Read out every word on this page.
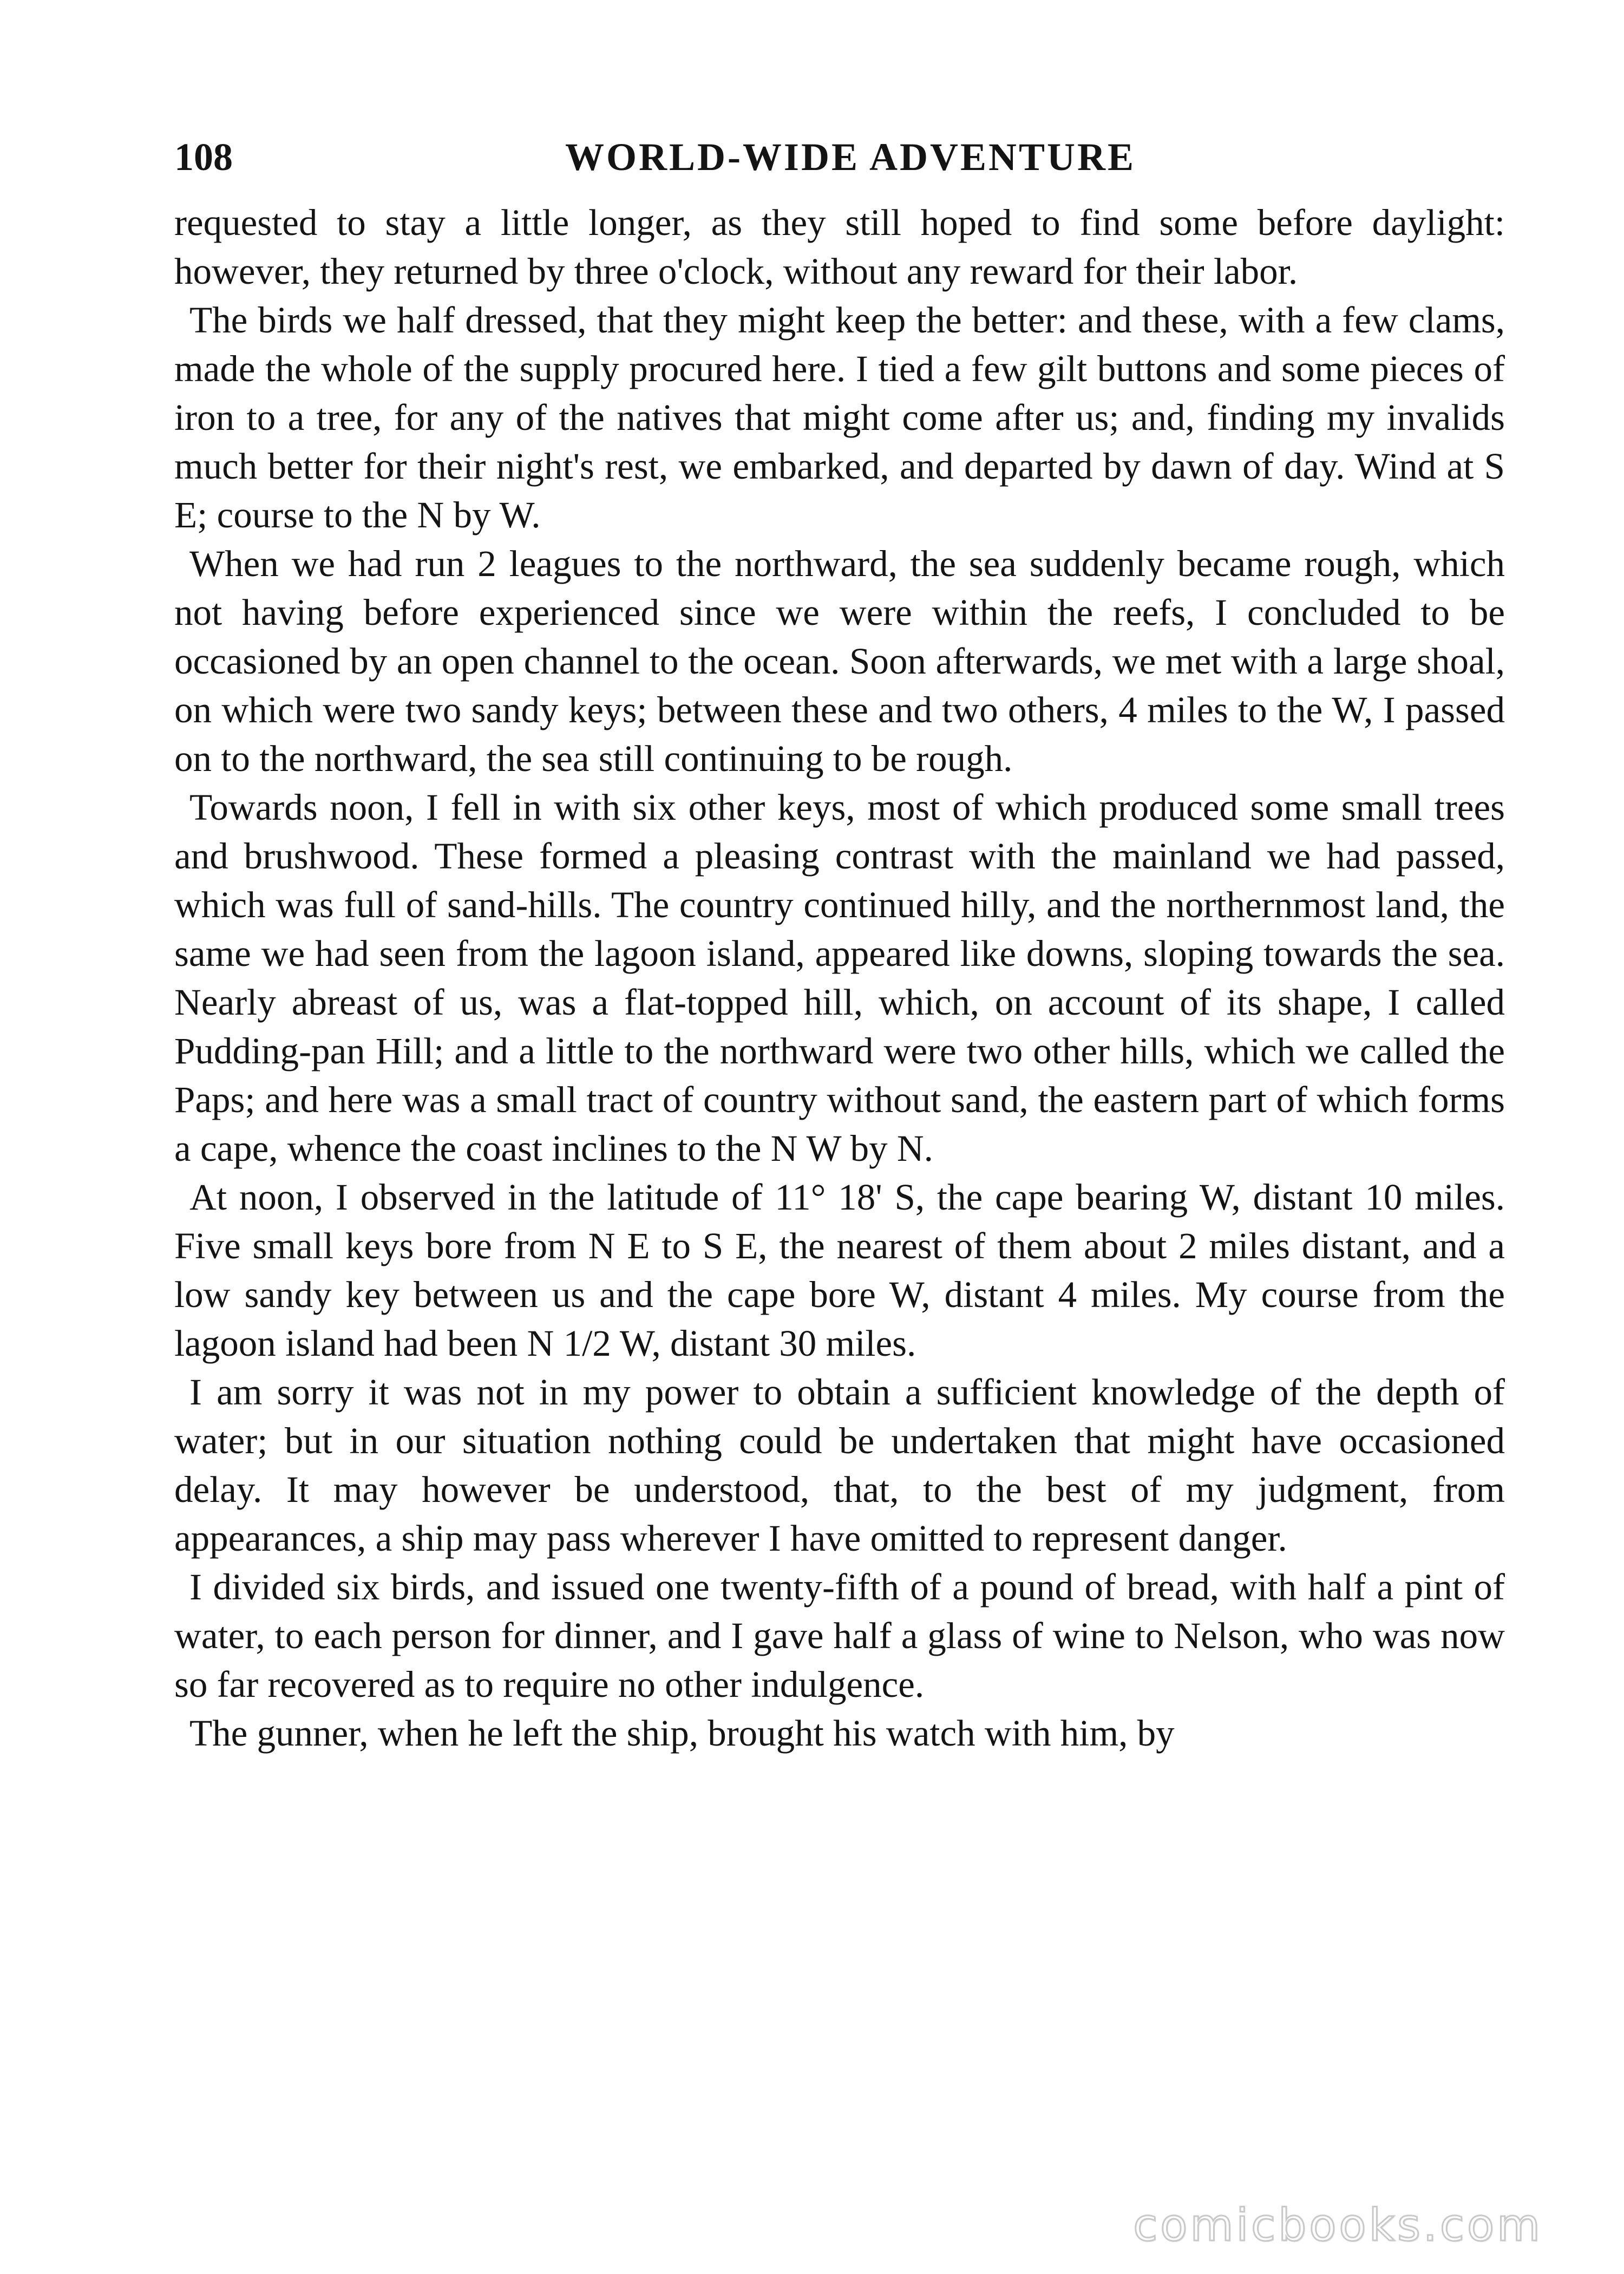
108	WORLD-WIDE ADVENTURE

requested to stay a little longer, as they still hoped to find some before daylight: however, they returned by three o'clock, without any reward for their labor.

The birds we half dressed, that they might keep the better: and these, with a few clams, made the whole of the supply procured here. I tied a few gilt buttons and some pieces of iron to a tree, for any of the natives that might come after us; and, finding my invalids much better for their night's rest, we embarked, and departed by dawn of day. Wind at S E; course to the N by W.

When we had run 2 leagues to the northward, the sea suddenly became rough, which not having before experienced since we were within the reefs, I concluded to be occasioned by an open channel to the ocean. Soon afterwards, we met with a large shoal, on which were two sandy keys; between these and two others, 4 miles to the W, I passed on to the northward, the sea still continuing to be rough.

Towards noon, I fell in with six other keys, most of which produced some small trees and brushwood. These formed a pleasing contrast with the mainland we had passed, which was full of sand-hills. The country continued hilly, and the northernmost land, the same we had seen from the lagoon island, appeared like downs, sloping towards the sea. Nearly abreast of us, was a flat-topped hill, which, on account of its shape, I called Pudding-pan Hill; and a little to the northward were two other hills, which we called the Paps; and here was a small tract of country without sand, the eastern part of which forms a cape, whence the coast inclines to the N W by N.

At noon, I observed in the latitude of 11° 18' S, the cape bearing W, distant 10 miles. Five small keys bore from N E to S E, the nearest of them about 2 miles distant, and a low sandy key between us and the cape bore W, distant 4 miles. My course from the lagoon island had been N 1/2 W, distant 30 miles.

I am sorry it was not in my power to obtain a sufficient knowledge of the depth of water; but in our situation nothing could be undertaken that might have occasioned delay. It may however be understood, that, to the best of my judgment, from appearances, a ship may pass wherever I have omitted to represent danger.

I divided six birds, and issued one twenty-fifth of a pound of bread, with half a pint of water, to each person for dinner, and I gave half a glass of wine to Nelson, who was now so far recovered as to require no other indulgence.

The gunner, when he left the ship, brought his watch with him, by

comicbooks.com
